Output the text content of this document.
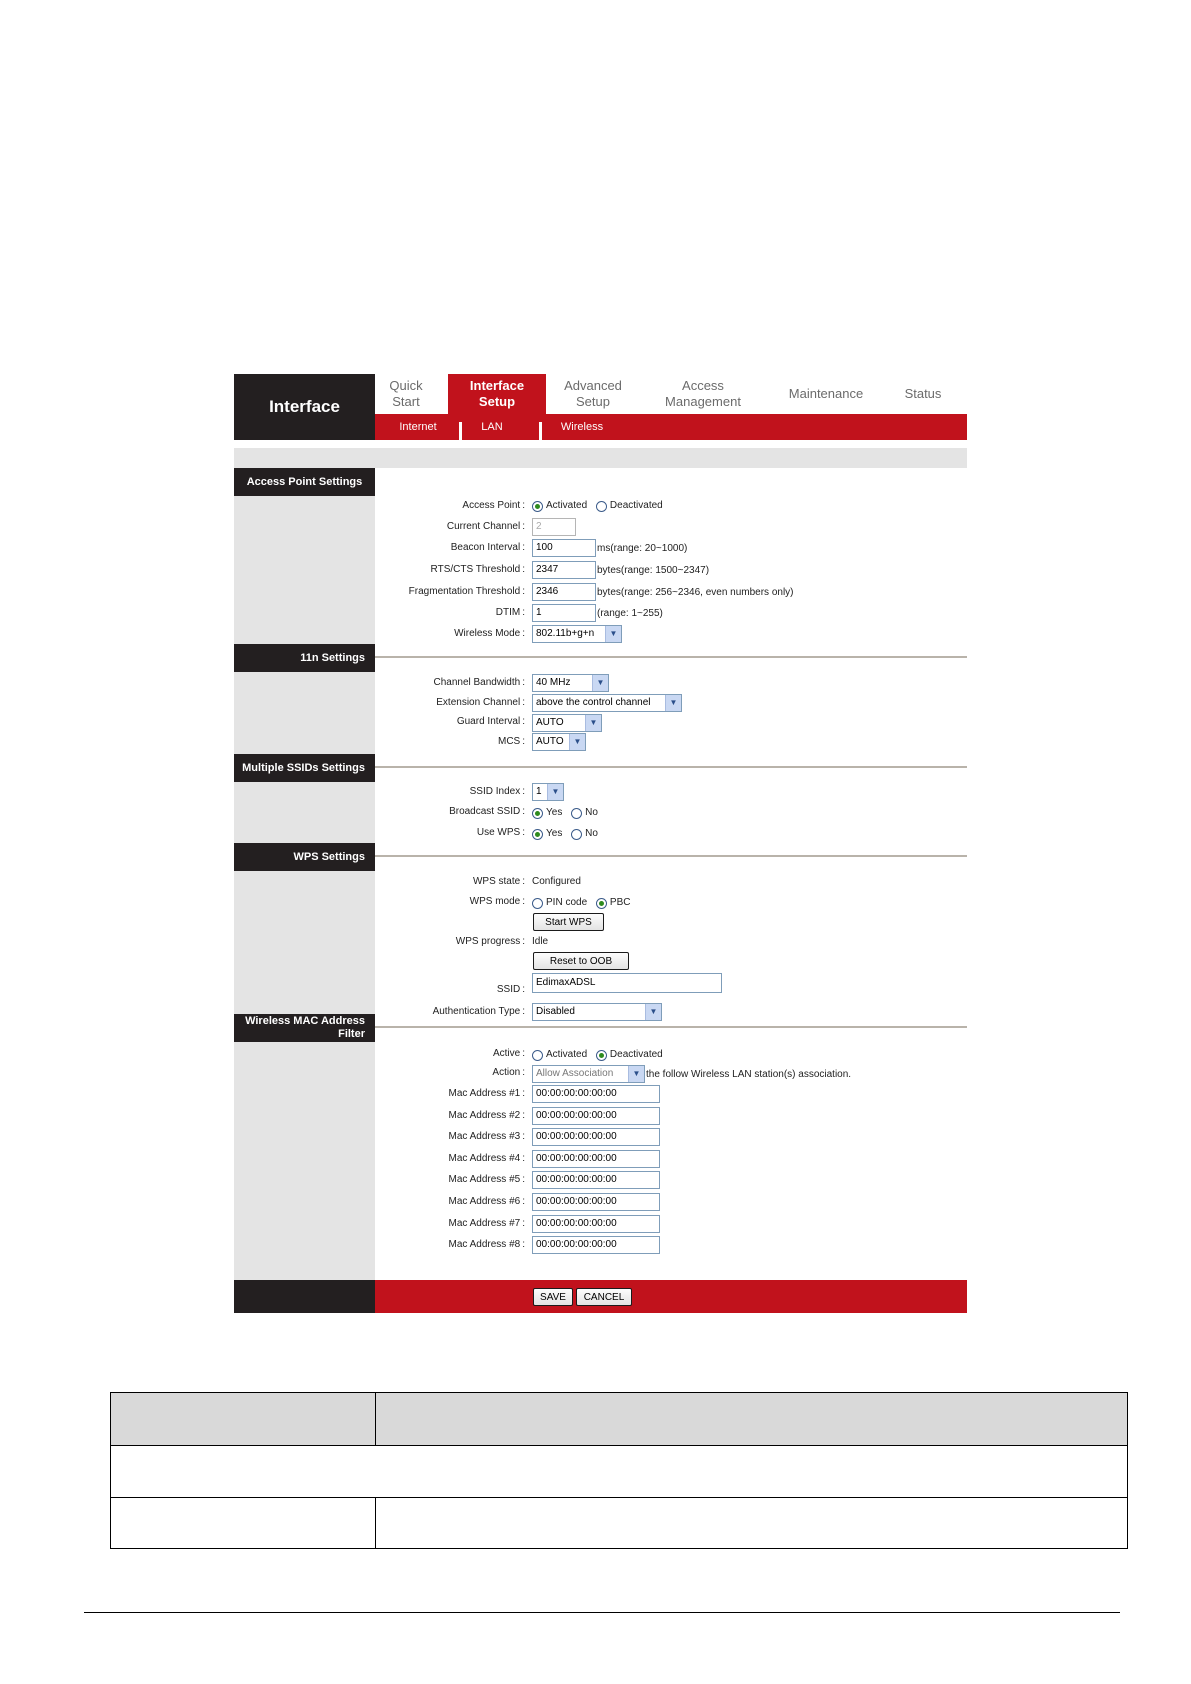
Interface
Quick
Start
Interface
Setup
Advanced
Setup
Access
Management
Maintenance	Status
Internet	LAN	Wireless
Access Point Settings
Access Point :	Activated Deactivated
Current Channel :	2
Beacon Interval :	100	ms(range: 20~1000)
RTS/CTS Threshold :	2347	bytes(range: 1500~2347)
Fragmentation Threshold :	2346	bytes(range: 256~2346, even numbers only)
DTIM :	1	(range: 1~255)
Wireless Mode :	802.11b+g+n	▼
11n Settings
Channel Bandwidth :	40 MHz	▼
Extension Channel :	above the control channel	▼
Guard Interval :	AUTO	▼
MCS :	AUTO	▼
Multiple SSIDs Settings
SSID Index :	1	▼
Broadcast SSID :	Yes No
Use WPS :	Yes No
WPS Settings
WPS state : Configured
WPS mode :	PIN code PBC
Start WPS
WPS progress : Idle
Reset to OOB
SSID :
EdimaxADSL
Authentication Type :	Disabled	▼
Wireless MAC Address
Filter
Active :	Activated Deactivated
Action :	Allow Association	▼ the follow Wireless LAN station(s) association.
SAVE	CANCEL
Mac Address #1 :	00:00:00:00:00:00
Mac Address #2 :	00:00:00:00:00:00
Mac Address #3 :	00:00:00:00:00:00
Mac Address #4 :	00:00:00:00:00:00
Mac Address #5 :	00:00:00:00:00:00
Mac Address #6 :	00:00:00:00:00:00
Mac Address #7 :	00:00:00:00:00:00
Mac Address #8 :	00:00:00:00:00:00
